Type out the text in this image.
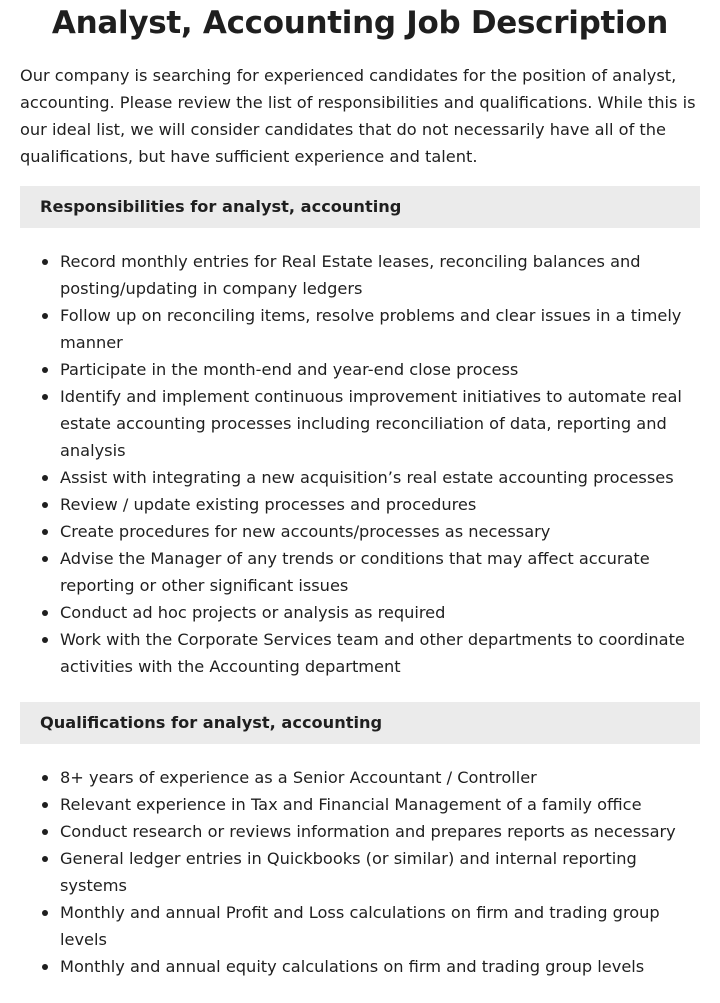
Analyst, Accounting Job Description

Our company is searching for experienced candidates for the position of analyst, accounting. Please review the list of responsibilities and qualifications. While this is our ideal list, we will consider candidates that do not necessarily have all of the qualifications, but have sufficient experience and talent.

Responsibilities for analyst, accounting
Record monthly entries for Real Estate leases, reconciling balances and posting/updating in company ledgers
Follow up on reconciling items, resolve problems and clear issues in a timely manner
Participate in the month-end and year-end close process
Identify and implement continuous improvement initiatives to automate real estate accounting processes including reconciliation of data, reporting and analysis
Assist with integrating a new acquisition’s real estate accounting processes
Review / update existing processes and procedures
Create procedures for new accounts/processes as necessary
Advise the Manager of any trends or conditions that may affect accurate reporting or other significant issues
Conduct ad hoc projects or analysis as required
Work with the Corporate Services team and other departments to coordinate activities with the Accounting department
Qualifications for analyst, accounting
8+ years of experience as a Senior Accountant / Controller
Relevant experience in Tax and Financial Management of a family office
Conduct research or reviews information and prepares reports as necessary
General ledger entries in Quickbooks (or similar) and internal reporting systems
Monthly and annual Profit and Loss calculations on firm and trading group levels
Monthly and annual equity calculations on firm and trading group levels
